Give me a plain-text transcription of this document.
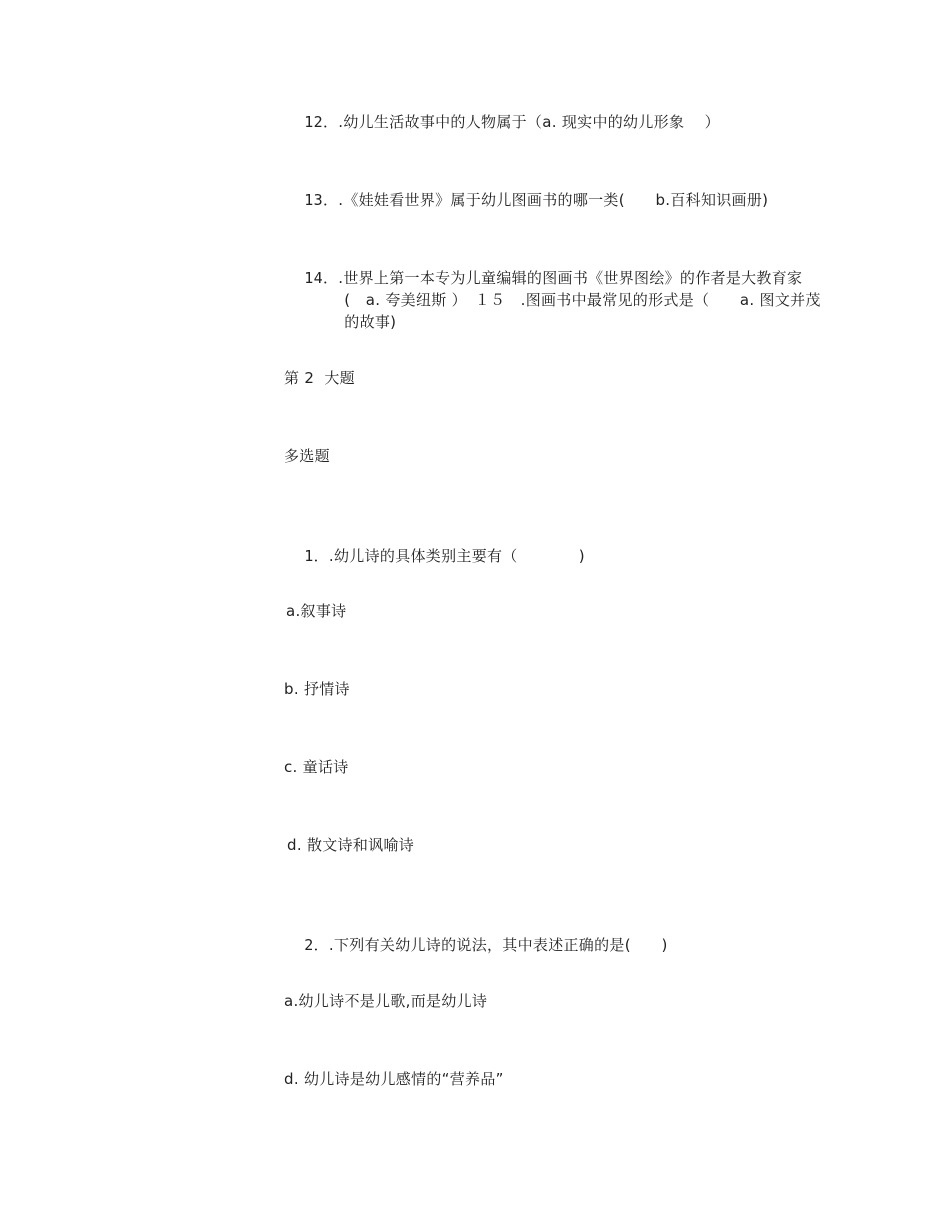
12．.幼儿生活故事中的人物属于（a. 现实中的幼儿形象　 ）

13．.《娃娃看世界》属于幼儿图画书的哪一类(　　b.百科知识画册)

14．.世界上第一本专为儿童编辑的图画书《世界图绘》的作者是大教育家

(　a. 夸美纽斯 ）　１５　.图画书中最常见的形式是（　　a. 图文并茂

的故事)

第 2  大题
多选题

1．.幼儿诗的具体类别主要有（　　　　)

a.叙事诗
b. 抒情诗
c. 童话诗
d. 散文诗和讽喻诗

2．.下列有关幼儿诗的说法，其中表述正确的是(　　)

a.幼儿诗不是儿歌,而是幼儿诗
d. 幼儿诗是幼儿感情的“营养品”
